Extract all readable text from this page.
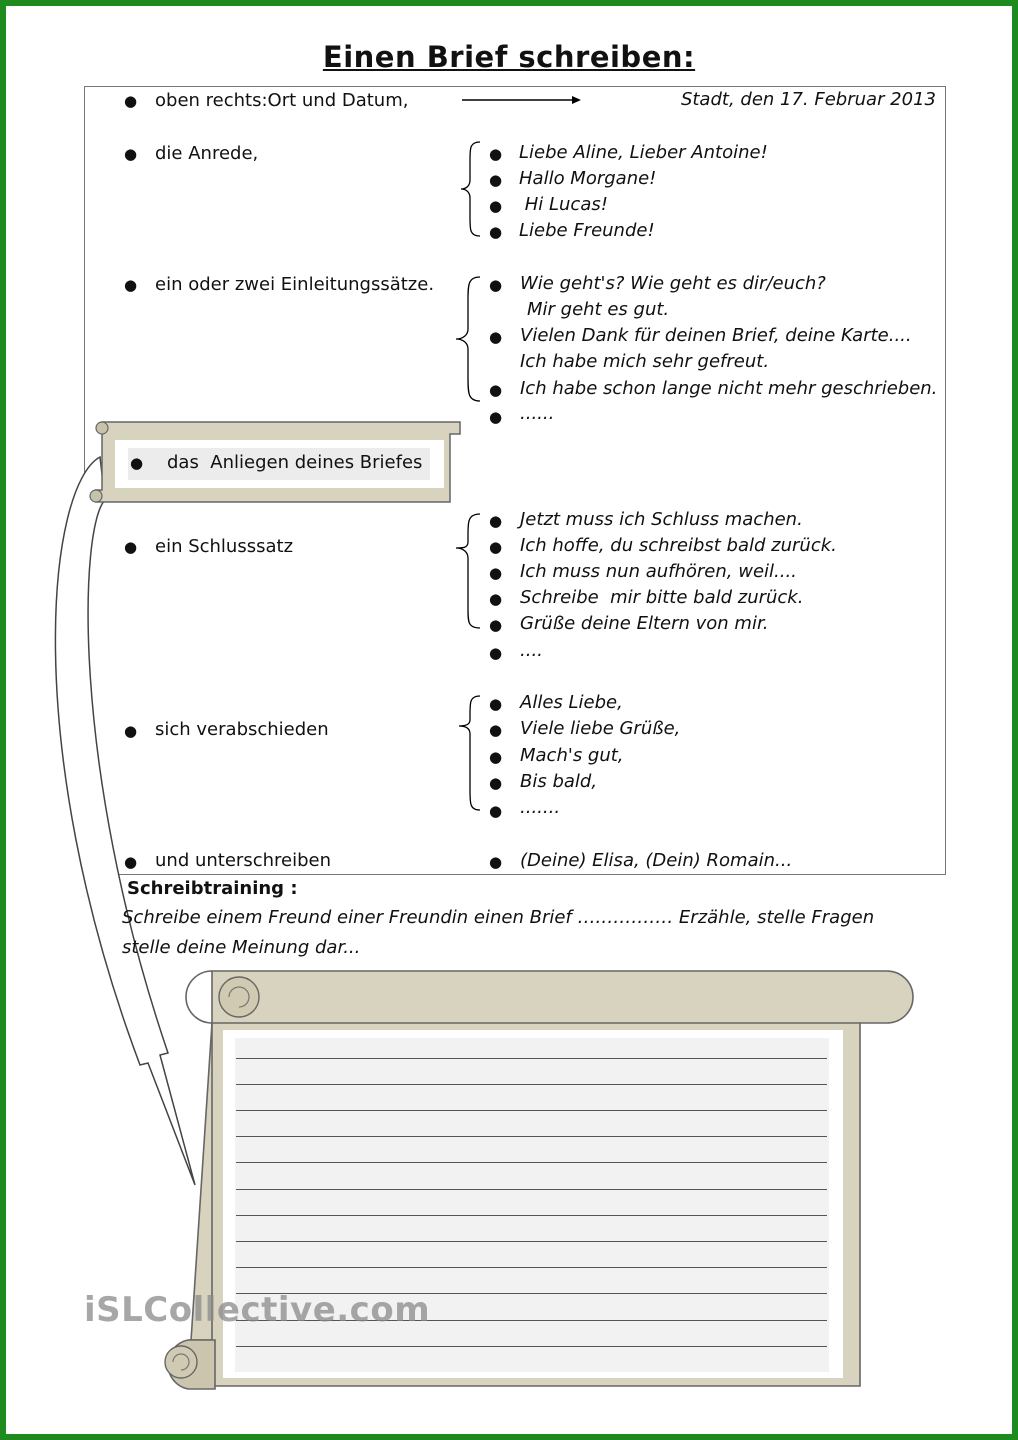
Einen Brief schreiben:
● oben rechts:Ort und Datum,	Stadt, den 17. Februar 2013
● die Anrede,	● Liebe Aline, Lieber Antoine!
● Hallo Morgane!
● Hi Lucas!
● Liebe Freunde!
● ein oder zwei Einleitungssätze.	● Wie geht's? Wie geht es dir/euch?
Mir geht es gut.
● Vielen Dank für deinen Brief, deine Karte....
Ich habe mich sehr gefreut.
● Ich habe schon lange nicht mehr geschrieben.
● ......
● das  Anliegen deines Briefes
● ein Schlusssatz
● Jetzt muss ich Schluss machen.
● Ich hoffe, du schreibst bald zurück.
● Ich muss nun aufhören, weil....
● Schreibe  mir bitte bald zurück.
● Grüße deine Eltern von mir.
● ....
● sich verabschieden
● Alles Liebe,
● Viele liebe Grüße,
● Mach's gut,
● Bis bald,
● .......
● und unterschreiben	● (Deine) Elisa, (Dein) Romain...
Schreibtraining :
Schreibe einem Freund einer Freundin einen Brief ….………… Erzähle, stelle Fragen
stelle deine Meinung dar...
iSLCollective.com
